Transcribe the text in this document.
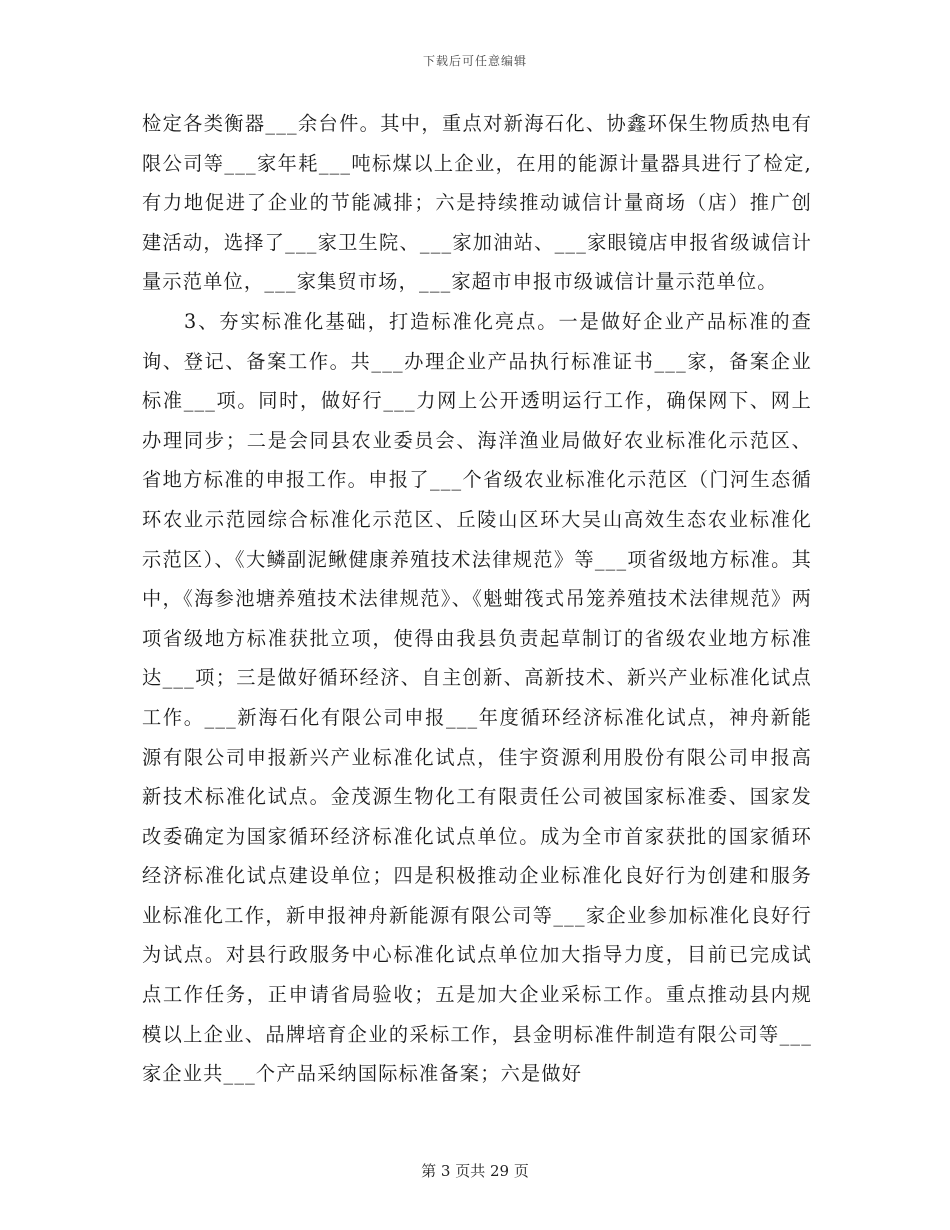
下载后可任意编辑

检定各类衡器___余台件。其中，重点对新海石化、协鑫环保生物质热电有限公司等___家年耗___吨标煤以上企业，在用的能源计量器具进行了检定,有力地促进了企业的节能减排；六是持续推动诚信计量商场（店）推广创建活动，选择了___家卫生院、___家加油站、___家眼镜店申报省级诚信计量示范单位，___家集贸市场，___家超市申报市级诚信计量示范单位。

3、夯实标准化基础，打造标准化亮点。一是做好企业产品标准的查询、登记、备案工作。共___办理企业产品执行标准证书___家，备案企业标准___项。同时，做好行___力网上公开透明运行工作，确保网下、网上办理同步；二是会同县农业委员会、海洋渔业局做好农业标准化示范区、省地方标准的申报工作。申报了___个省级农业标准化示范区（门河生态循环农业示范园综合标准化示范区、丘陵山区环大吴山高效生态农业标准化示范区）、《大鳞副泥鳅健康养殖技术法律规范》等___项省级地方标准。其中，《海参池塘养殖技术法律规范》、《魁蚶筏式吊笼养殖技术法律规范》两项省级地方标准获批立项，使得由我县负责起草制订的省级农业地方标准达___项；三是做好循环经济、自主创新、高新技术、新兴产业标准化试点工作。___新海石化有限公司申报___年度循环经济标准化试点，神舟新能源有限公司申报新兴产业标准化试点，佳宇资源利用股份有限公司申报高新技术标准化试点。金茂源生物化工有限责任公司被国家标准委、国家发改委确定为国家循环经济标准化试点单位。成为全市首家获批的国家循环经济标准化试点建设单位；四是积极推动企业标准化良好行为创建和服务业标准化工作，新申报神舟新能源有限公司等___家企业参加标准化良好行为试点。对县行政服务中心标准化试点单位加大指导力度，目前已完成试点工作任务，正申请省局验收；五是加大企业采标工作。重点推动县内规模以上企业、品牌培育企业的采标工作，县金明标准件制造有限公司等___家企业共___个产品采纳国际标准备案；六是做好

第 3 页共 29 页
